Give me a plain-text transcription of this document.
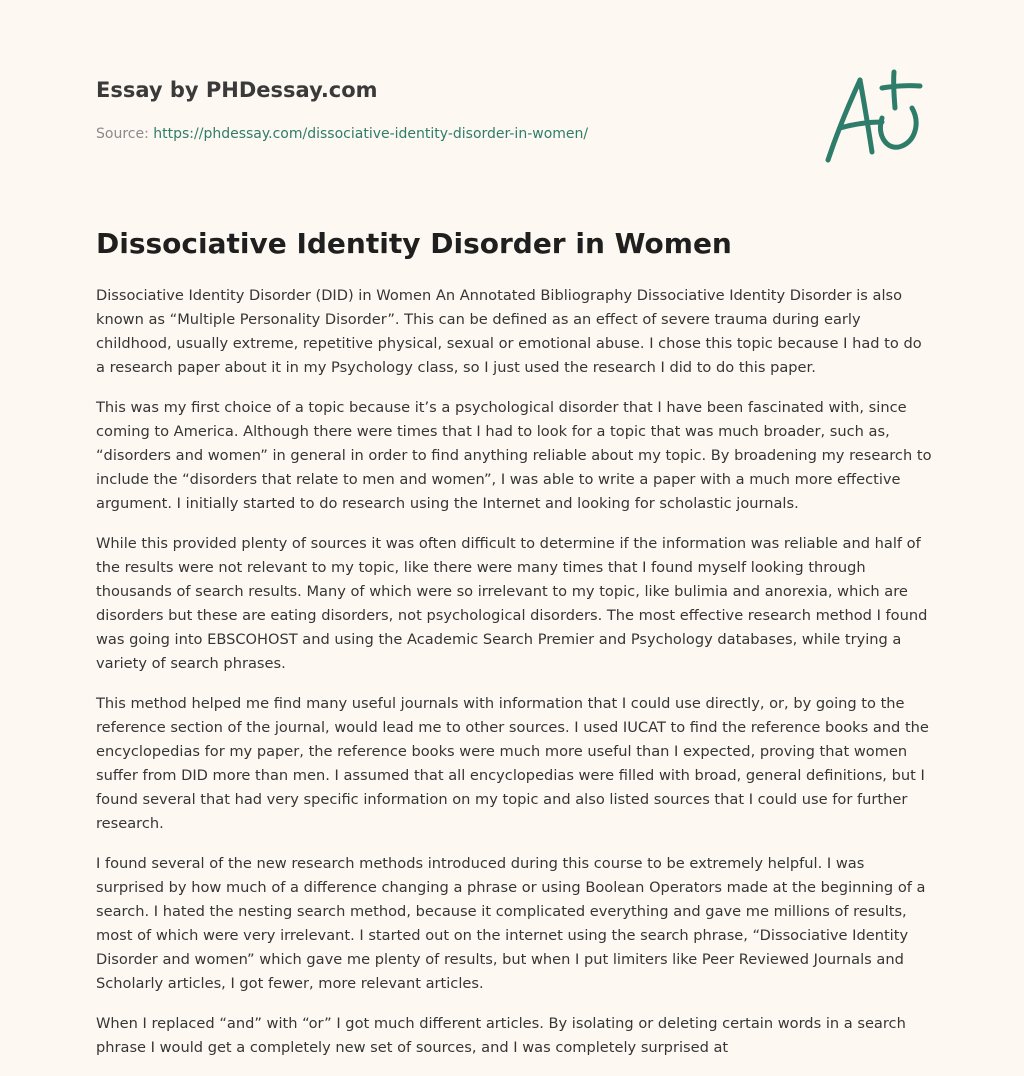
Essay by PHDessay.com
Source: https://phdessay.com/dissociative-identity-disorder-in-women/
Dissociative Identity Disorder in Women

Dissociative Identity Disorder (DID) in Women An Annotated Bibliography Dissociative Identity Disorder is also known as “Multiple Personality Disorder”. This can be defined as an effect of severe trauma during early childhood, usually extreme, repetitive physical, sexual or emotional abuse. I chose this topic because I had to do a research paper about it in my Psychology class, so I just used the research I did to do this paper.

This was my first choice of a topic because it’s a psychological disorder that I have been fascinated with, since coming to America. Although there were times that I had to look for a topic that was much broader, such as, “disorders and women” in general in order to find anything reliable about my topic. By broadening my research to include the “disorders that relate to men and women”, I was able to write a paper with a much more effective argument. I initially started to do research using the Internet and looking for scholastic journals.

While this provided plenty of sources it was often difficult to determine if the information was reliable and half of the results were not relevant to my topic, like there were many times that I found myself looking through thousands of search results. Many of which were so irrelevant to my topic, like bulimia and anorexia, which are disorders but these are eating disorders, not psychological disorders. The most effective research method I found was going into EBSCOHOST and using the Academic Search Premier and Psychology databases, while trying a variety of search phrases.

This method helped me find many useful journals with information that I could use directly, or, by going to the reference section of the journal, would lead me to other sources. I used IUCAT to find the reference books and the encyclopedias for my paper, the reference books were much more useful than I expected, proving that women suffer from DID more than men. I assumed that all encyclopedias were filled with broad, general definitions, but I found several that had very specific information on my topic and also listed sources that I could use for further research.

I found several of the new research methods introduced during this course to be extremely helpful. I was surprised by how much of a difference changing a phrase or using Boolean Operators made at the beginning of a search. I hated the nesting search method, because it complicated everything and gave me millions of results, most of which were very irrelevant. I started out on the internet using the search phrase, “Dissociative Identity Disorder and women” which gave me plenty of results, but when I put limiters like Peer Reviewed Journals and Scholarly articles, I got fewer, more relevant articles.

When I replaced “and” with “or” I got much different articles. By isolating or deleting certain words in a search phrase I would get a completely new set of sources, and I was completely surprised at
